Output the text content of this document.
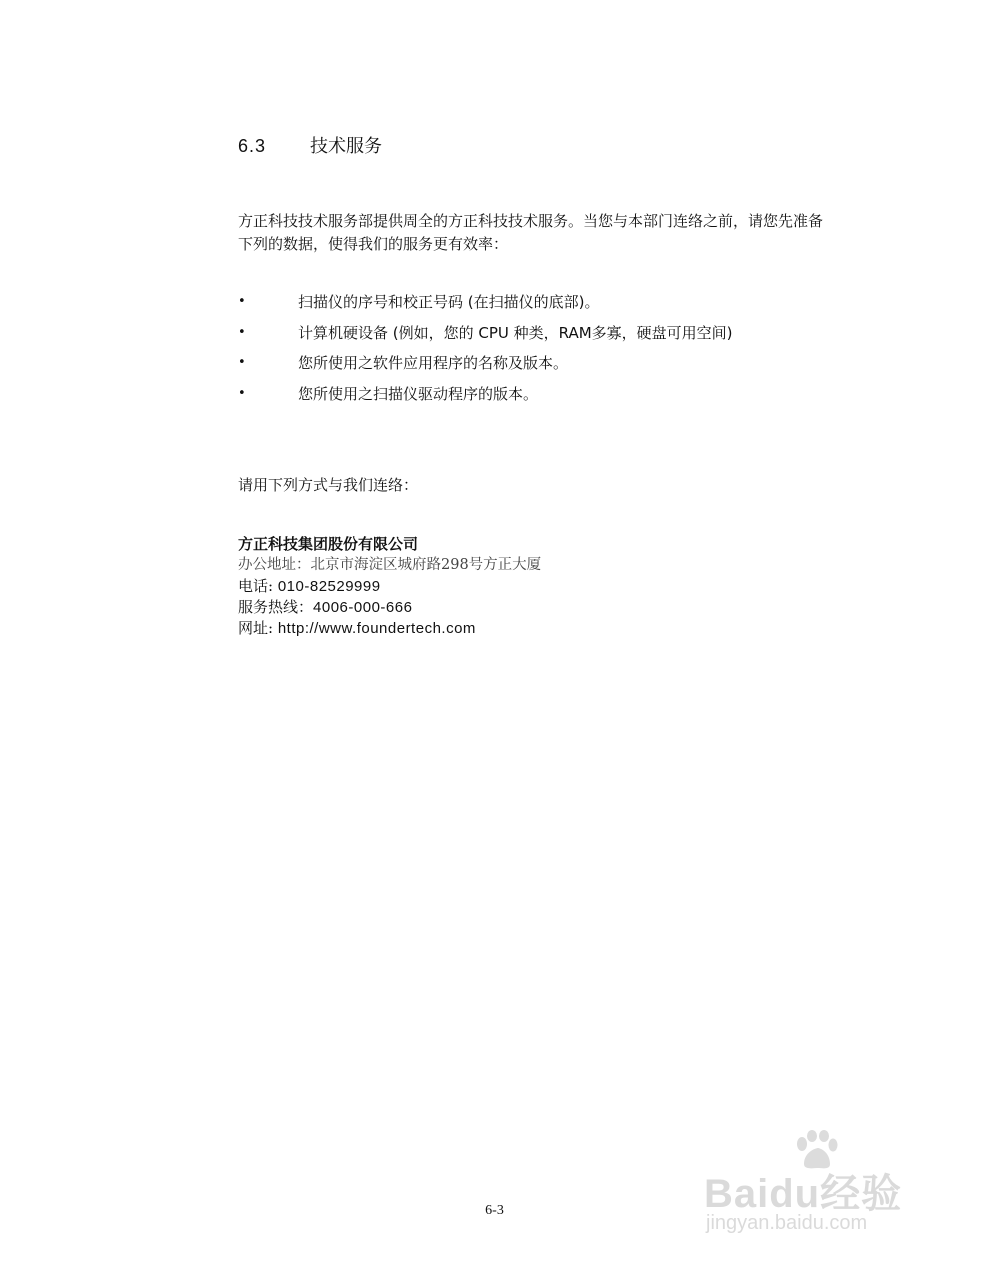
6.3 技术服务

方正科技技术服务部提供周全的方正科技技术服务。当您与本部门连络之前，请您先准备

下列的数据，使得我们的服务更有效率：

•	扫描仪的序号和校正号码 (在扫描仪的底部)。
•	计算机硬设备 (例如，您的 CPU 种类，RAM多寡，硬盘可用空间)
•	您所使用之软件应用程序的名称及版本。
•	您所使用之扫描仪驱动程序的版本。
请用下列方式与我们连络：
方正科技集团股份有限公司
办公地址：北京市海淀区城府路298号方正大厦
电话: 010-82529999
服务热线：4006-000-666
网址: http://www.foundertech.com
6-3	Baidu经验
jingyan.baidu.com
